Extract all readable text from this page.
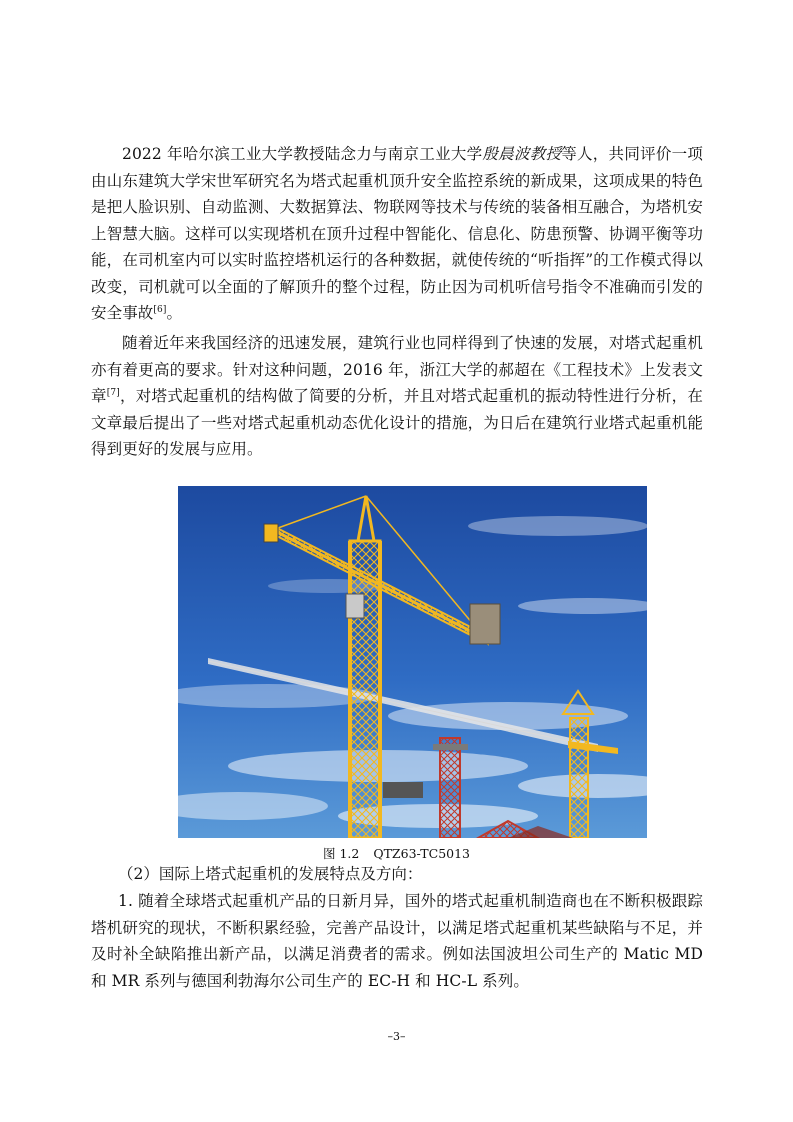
2022 年哈尔滨工业大学教授陆念力与南京工业大学殷晨波教授等人，共同评价一项由山东建筑大学宋世军研究名为塔式起重机顶升安全监控系统的新成果，这项成果的特色是把人脸识别、自动监测、大数据算法、物联网等技术与传统的装备相互融合，为塔机安上智慧大脑。这样可以实现塔机在顶升过程中智能化、信息化、防患预警、协调平衡等功能，在司机室内可以实时监控塔机运行的各种数据，就使传统的“听指挥”的工作模式得以改变，司机就可以全面的了解顶升的整个过程，防止因为司机听信号指令不准确而引发的安全事故[6]。

随着近年来我国经济的迅速发展，建筑行业也同样得到了快速的发展，对塔式起重机亦有着更高的要求。针对这种问题，2016 年，浙江大学的郝超在《工程技术》上发表文章[7]，对塔式起重机的结构做了简要的分析，并且对塔式起重机的振动特性进行分析，在文章最后提出了一些对塔式起重机动态优化设计的措施，为日后在建筑行业塔式起重机能得到更好的发展与应用。

图 1.2 QTZ63-TC5013

（2）国际上塔式起重机的发展特点及方向：

1. 随着全球塔式起重机产品的日新月异，国外的塔式起重机制造商也在不断积极跟踪塔机研究的现状，不断积累经验，完善产品设计，以满足塔式起重机某些缺陷与不足，并及时补全缺陷推出新产品，以满足消费者的需求。例如法国波坦公司生产的 Matic MD 和 MR 系列与德国利勃海尔公司生产的 EC-H 和 HC-L 系列。

–3–
